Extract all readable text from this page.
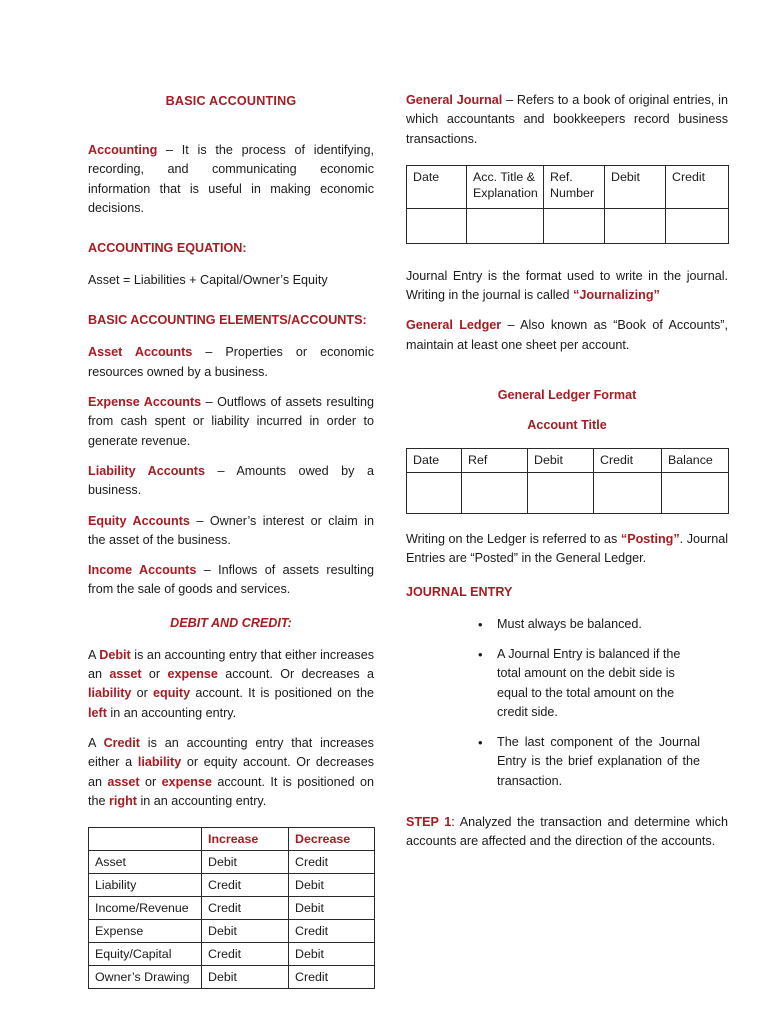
BASIC ACCOUNTING

Accounting – It is the process of identifying, recording, and communicating economic information that is useful in making economic decisions.

ACCOUNTING EQUATION:

Asset = Liabilities + Capital/Owner’s Equity

BASIC ACCOUNTING ELEMENTS/ACCOUNTS:

Asset Accounts – Properties or economic resources owned by a business.

Expense Accounts – Outflows of assets resulting from cash spent or liability incurred in order to generate revenue.

Liability Accounts – Amounts owed by a business.

Equity Accounts – Owner’s interest or claim in the asset of the business.

Income Accounts – Inflows of assets resulting from the sale of goods and services.

DEBIT AND CREDIT:

A Debit is an accounting entry that either increases an asset or expense account. Or decreases a liability or equity account. It is positioned on the left in an accounting entry.

A Credit is an accounting entry that increases either a liability or equity account. Or decreases an asset or expense account. It is positioned on the right in an accounting entry.

	Increase	Decrease
Asset	Debit	Credit
Liability	Credit	Debit
Income/Revenue	Credit	Debit
Expense	Debit	Credit
Equity/Capital	Credit	Debit
Owner’s Drawing	Debit	Credit

General Journal – Refers to a book of original entries, in which accountants and bookkeepers record business transactions.

Date	Acc. Title & Explanation	Ref. Number	Debit	Credit

Journal Entry is the format used to write in the journal. Writing in the journal is called “Journalizing”

General Ledger – Also known as “Book of Accounts”, maintain at least one sheet per account.

General Ledger Format
Account Title
Date	Ref	Debit	Credit	Balance

Writing on the Ledger is referred to as “Posting”. Journal Entries are “Posted” in the General Ledger.

JOURNAL ENTRY
• Must always be balanced.
• A Journal Entry is balanced if the total amount on the debit side is equal to the total amount on the credit side.
• The last component of the Journal Entry is the brief explanation of the transaction.

STEP 1: Analyzed the transaction and determine which accounts are affected and the direction of the accounts.
